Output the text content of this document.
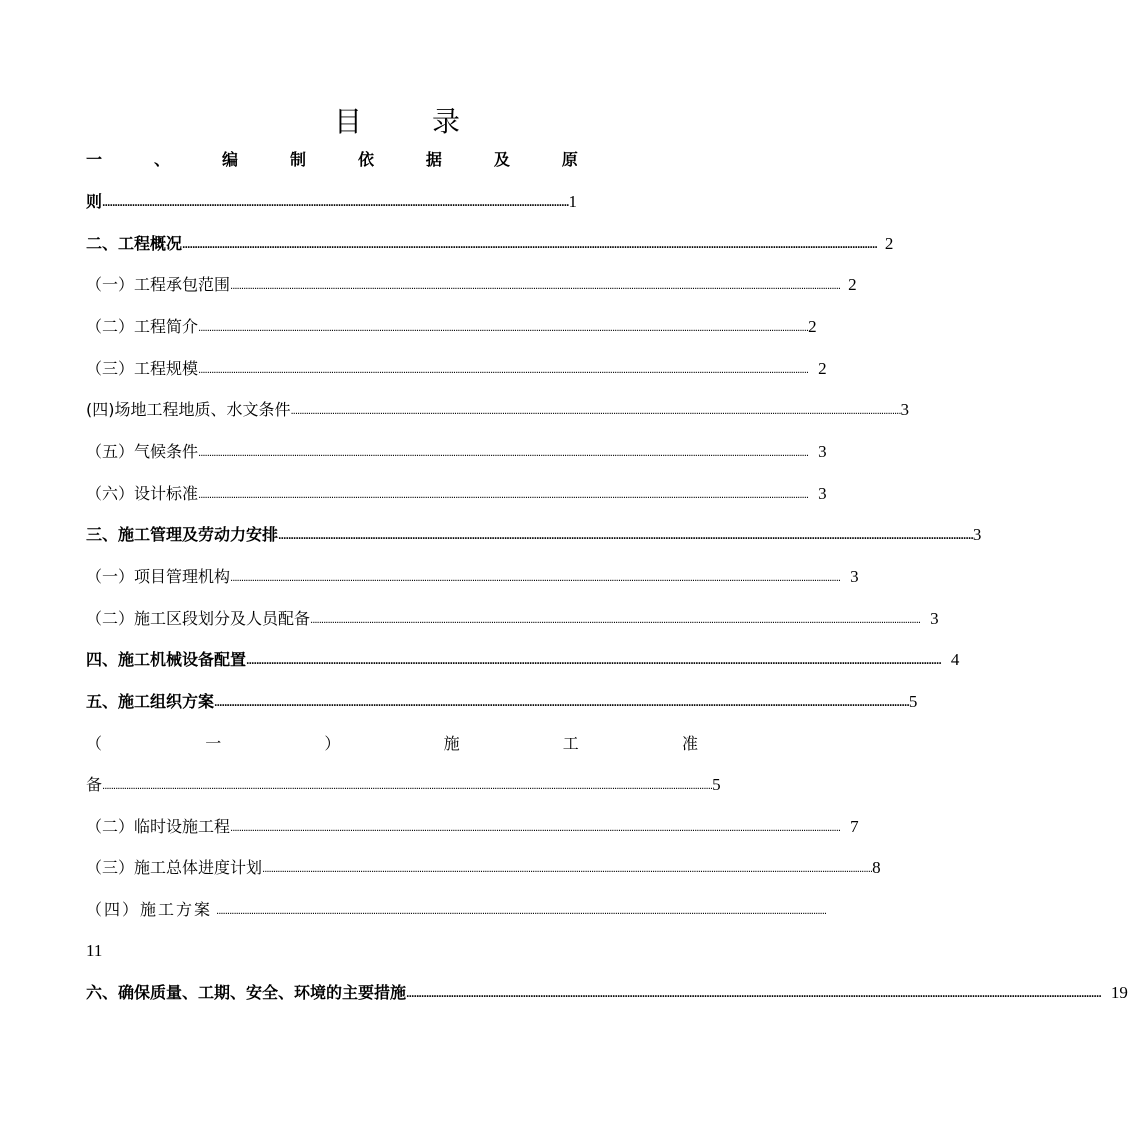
目	录
一	、	编	制	依	据	及	原
则 ............................................................................................................................................................................................ 1
二、工程概况 ........................................................................................................................................................................................................................................................................................ 2
（一）工程承包范围 ........................................................................................................................................................................................................................................................................................ 2
（二）工程简介 ........................................................................................................................................................................................................................................................................................ 2
（三）工程规模 ........................................................................................................................................................................................................................................................................................ 2
(四)场地工程地质、水文条件 ........................................................................................................................................................................................................................................................................................ 3
（五）气候条件 ........................................................................................................................................................................................................................................................................................ 3
（六）设计标准 ........................................................................................................................................................................................................................................................................................ 3
三、施工管理及劳动力安排 ........................................................................................................................................................................................................................................................................................ 3
（一）项目管理机构 ........................................................................................................................................................................................................................................................................................ 3
（二）施工区段划分及人员配备 ........................................................................................................................................................................................................................................................................................ 3
四、施工机械设备配置 ........................................................................................................................................................................................................................................................................................ 4
五、施工组织方案 ........................................................................................................................................................................................................................................................................................ 5
（	一	）	施	工	准
备 ........................................................................................................................................................................................................................................................................................ 5
（二）临时设施工程 ........................................................................................................................................................................................................................................................................................ 7
（三）施工总体进度计划 ........................................................................................................................................................................................................................................................................................ 8
（四）施工方案 ........................................................................................................................................................................................................................................................................................
11
六、确保质量、工期、安全、环境的主要措施 ........................................................................................................................................................................................................................................................................................ 19
